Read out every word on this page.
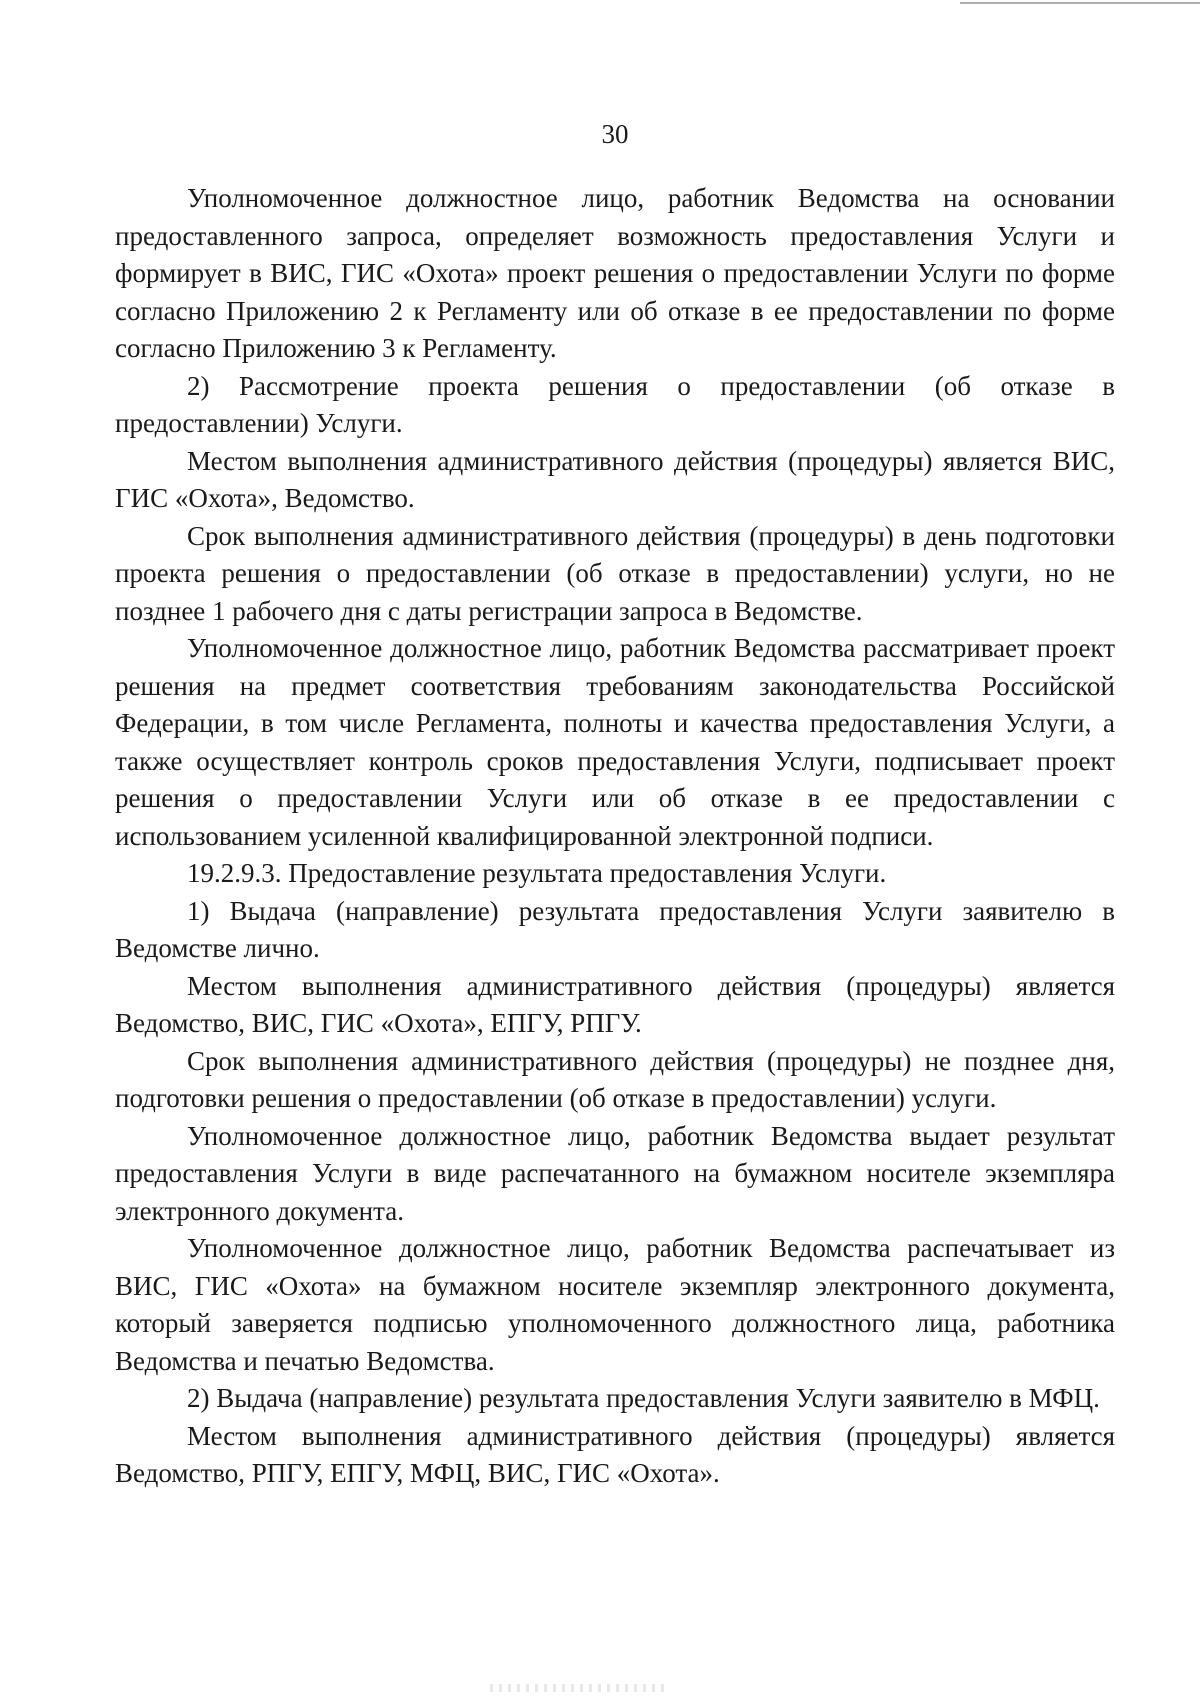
30

Уполномоченное должностное лицо, работник Ведомства на основании предоставленного запроса, определяет возможность предоставления Услуги и формирует в ВИС, ГИС «Охота» проект решения о предоставлении Услуги по форме согласно Приложению 2 к Регламенту или об отказе в ее предоставлении по форме согласно Приложению 3 к Регламенту.

2) Рассмотрение проекта решения о предоставлении (об отказе в предоставлении) Услуги.

Местом выполнения административного действия (процедуры) является ВИС, ГИС «Охота», Ведомство.

Срок выполнения административного действия (процедуры) в день подготовки проекта решения о предоставлении (об отказе в предоставлении) услуги, но не позднее 1 рабочего дня с даты регистрации запроса в Ведомстве.

Уполномоченное должностное лицо, работник Ведомства рассматривает проект решения на предмет соответствия требованиям законодательства Российской Федерации, в том числе Регламента, полноты и качества предоставления Услуги, а также осуществляет контроль сроков предоставления Услуги, подписывает проект решения о предоставлении Услуги или об отказе в ее предоставлении с использованием усиленной квалифицированной электронной подписи.

19.2.9.3. Предоставление результата предоставления Услуги.

1) Выдача (направление) результата предоставления Услуги заявителю в Ведомстве лично.

Местом выполнения административного действия (процедуры) является Ведомство, ВИС, ГИС «Охота», ЕПГУ, РПГУ.

Срок выполнения административного действия (процедуры) не позднее дня, подготовки решения о предоставлении (об отказе в предоставлении) услуги.

Уполномоченное должностное лицо, работник Ведомства выдает результат предоставления Услуги в виде распечатанного на бумажном носителе экземпляра электронного документа.

Уполномоченное должностное лицо, работник Ведомства распечатывает из ВИС, ГИС «Охота» на бумажном носителе экземпляр электронного документа, который заверяется подписью уполномоченного должностного лица, работника Ведомства и печатью Ведомства.

2) Выдача (направление) результата предоставления Услуги заявителю в МФЦ.

Местом выполнения административного действия (процедуры) является Ведомство, РПГУ, ЕПГУ, МФЦ, ВИС, ГИС «Охота».
